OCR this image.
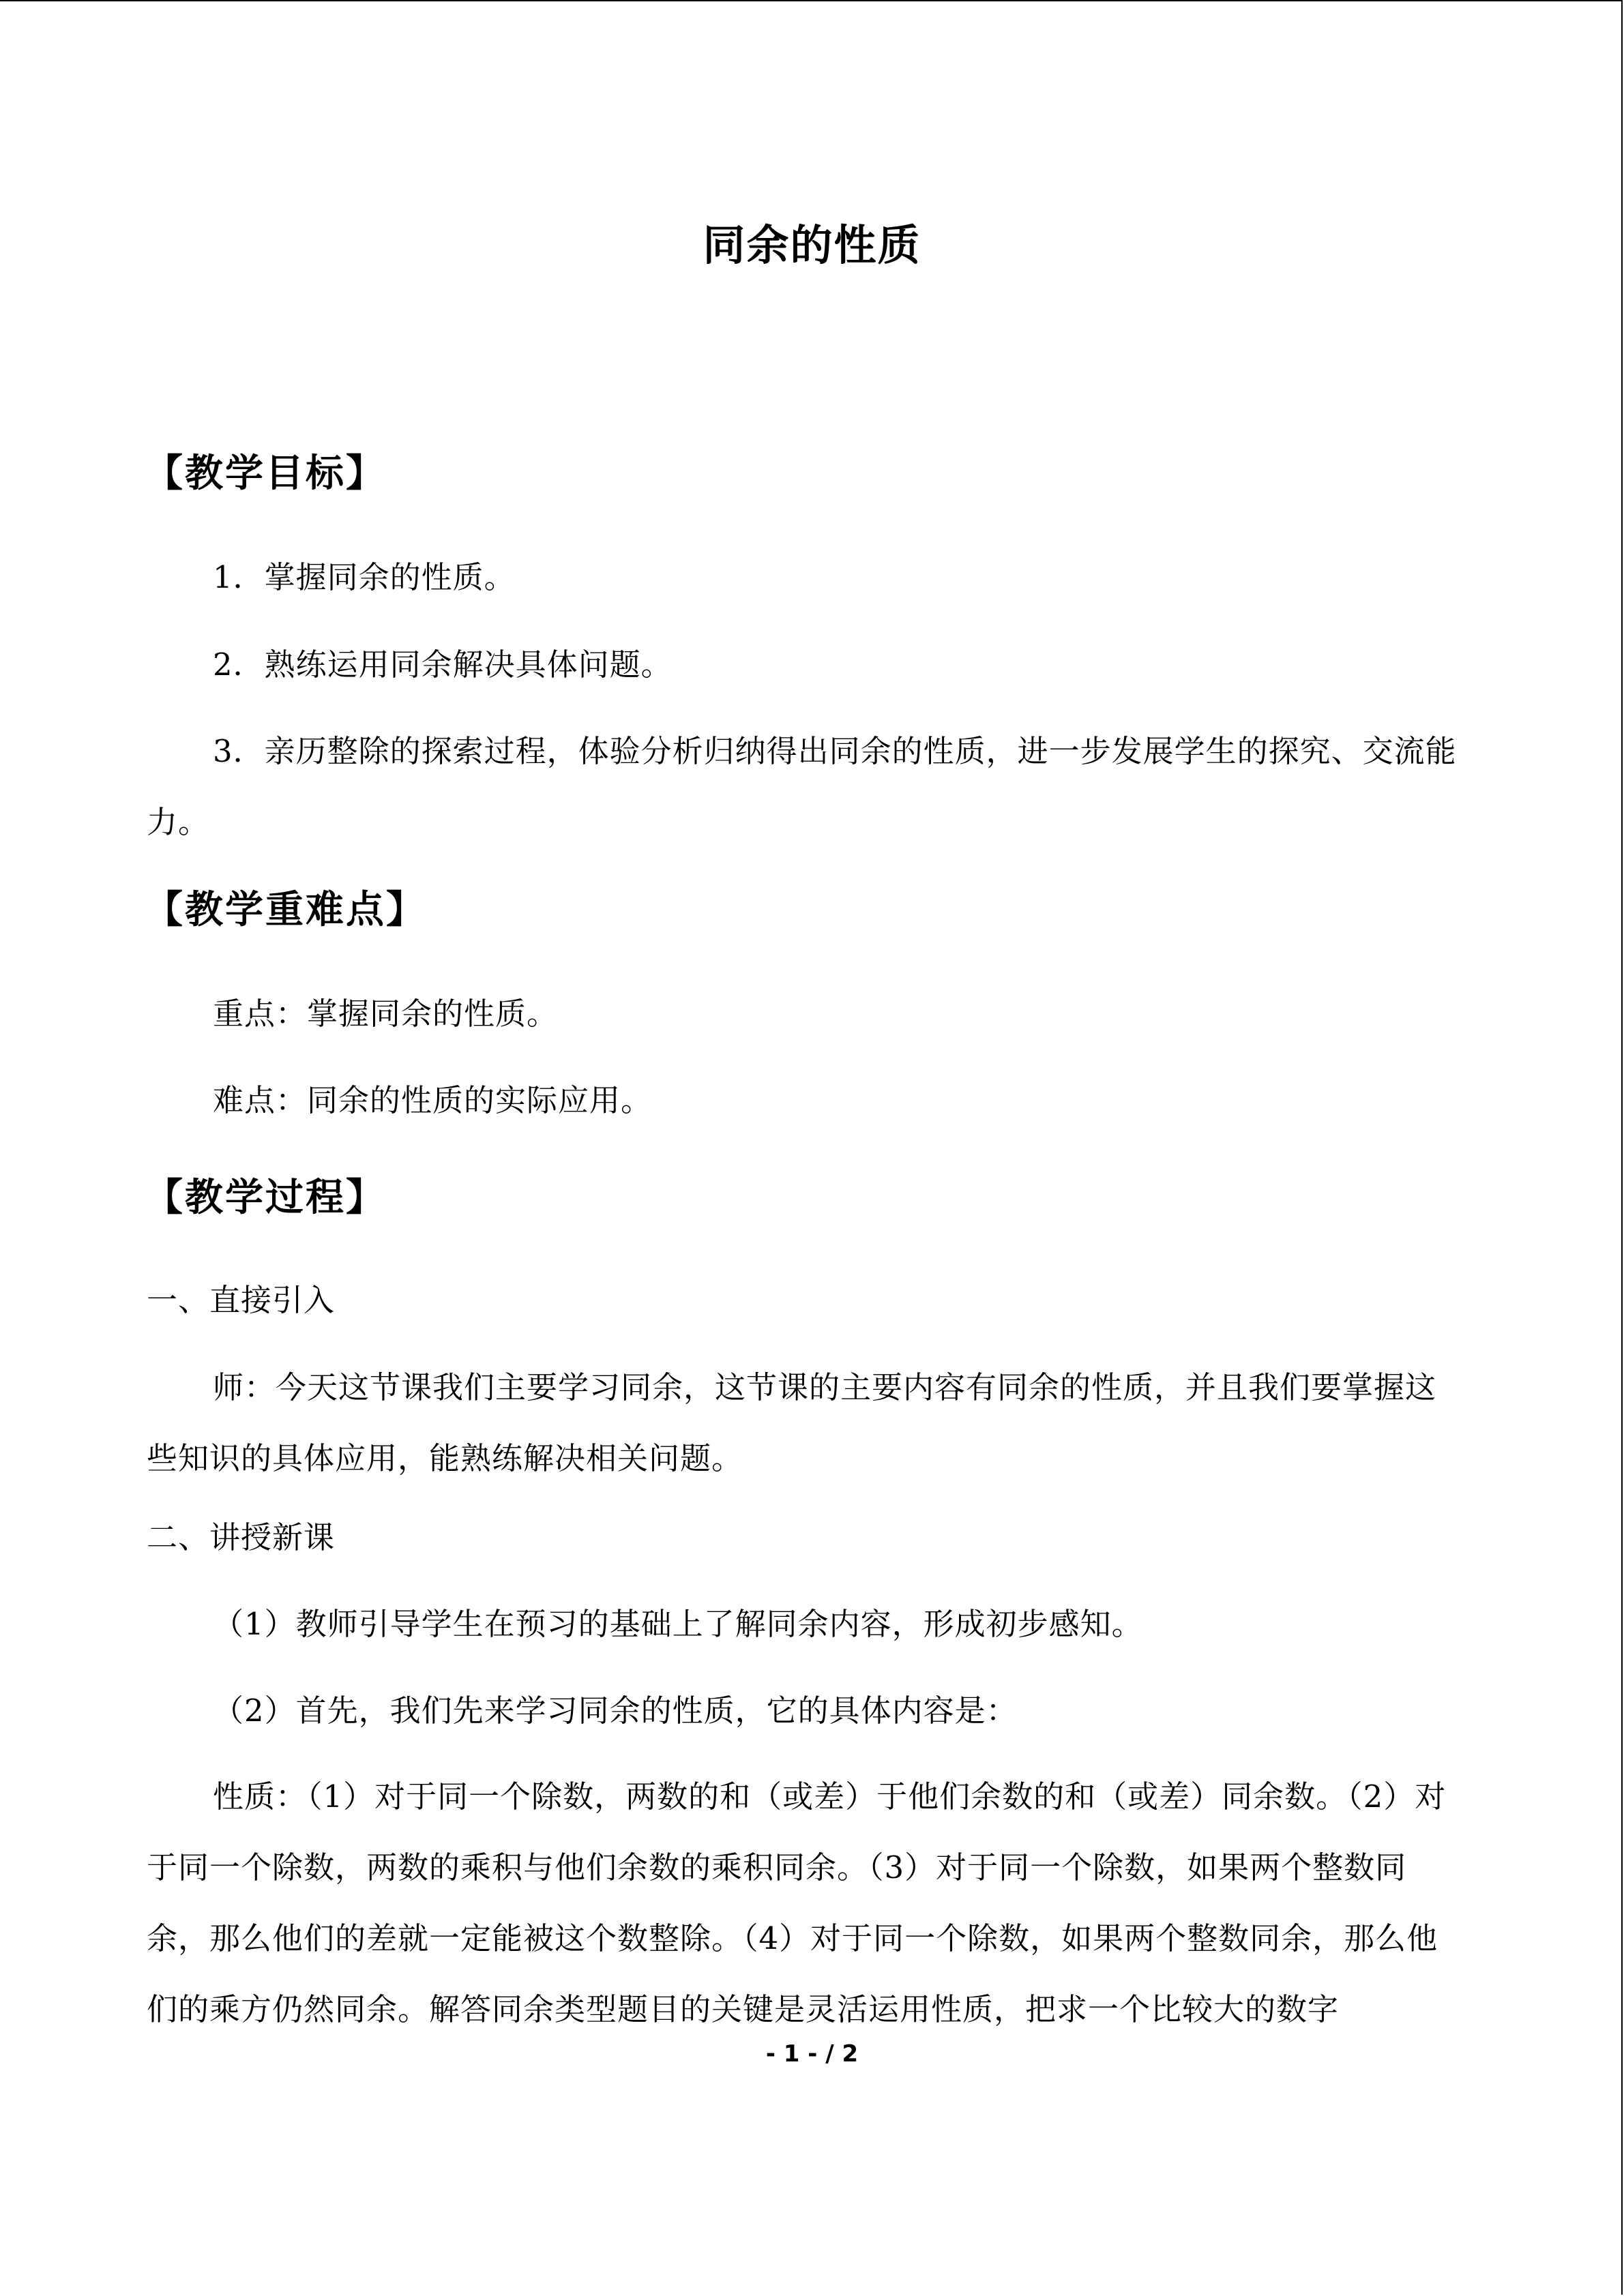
同余的性质
【教学目标】

1．掌握同余的性质。

2．熟练运用同余解决具体问题。

3．亲历整除的探索过程，体验分析归纳得出同余的性质，进一步发展学生的探究、交流能力。

【教学重难点】

重点：掌握同余的性质。

难点：同余的性质的实际应用。

【教学过程】

一、直接引入

师：今天这节课我们主要学习同余，这节课的主要内容有同余的性质，并且我们要掌握这些知识的具体应用，能熟练解决相关问题。

二、讲授新课

（1）教师引导学生在预习的基础上了解同余内容，形成初步感知。

（2）首先，我们先来学习同余的性质，它的具体内容是：

性质：（1）对于同一个除数，两数的和（或差）于他们余数的和（或差）同余数。（2）对于同一个除数，两数的乘积与他们余数的乘积同余。（3）对于同一个除数，如果两个整数同余，那么他们的差就一定能被这个数整除。（4）对于同一个除数，如果两个整数同余，那么他们的乘方仍然同余。解答同余类型题目的关键是灵活运用性质，把求一个比较大的数字

- 1 - / 2
